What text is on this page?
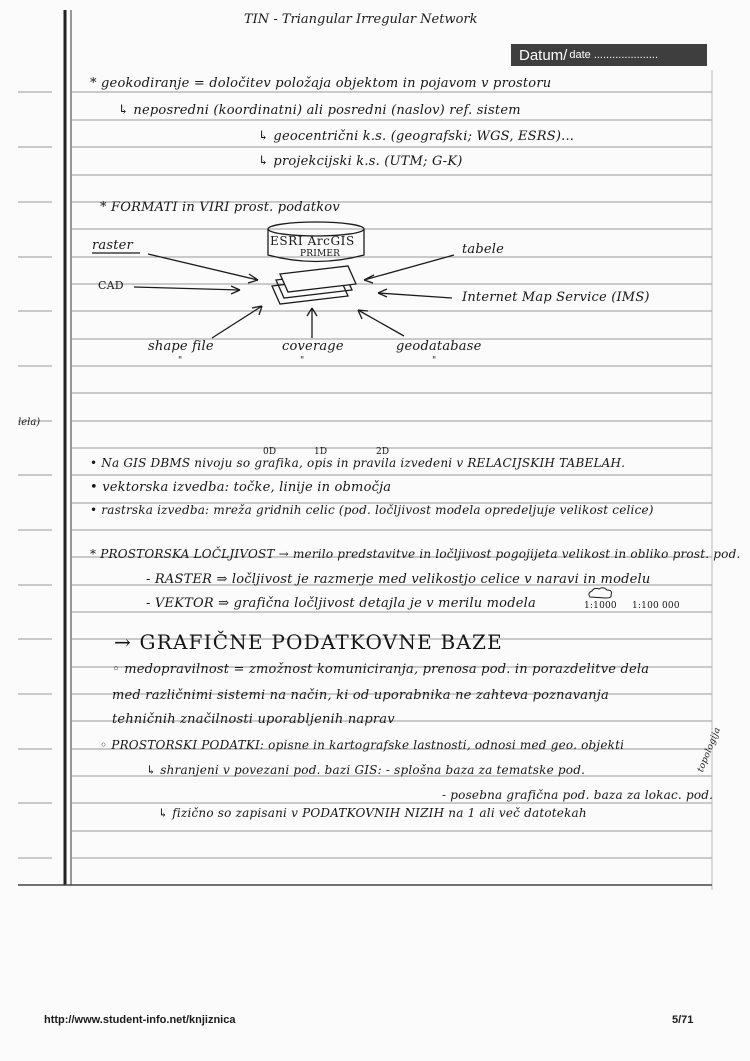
TIN - Triangular Irregular Network
Datum/ date .....................
* geokodiranje = določitev položaja objektom in pojavom v prostoru
↳ neposredni (koordinatni) ali posredni (naslov) ref. sistem
↳ geocentrični k.s. (geografski; WGS, ESRS)...
↳ projekcijski k.s. (UTM; G-K)
* FORMATI in VIRI prost. podatkov
ESRI ArcGIS
PRIMER
raster
CAD
tabele
Internet Map Service (IMS)
shape file	coverage	geodatabase
"	"	"
lela)
0D	1D	2D
• Na GIS DBMS nivoju so grafika, opis in pravila izvedeni v RELACIJSKIH TABELAH.
• vektorska izvedba: točke, linije in območja
• rastrska izvedba: mreža gridnih celic (pod. ločljivost modela opredeljuje velikost celice)
* PROSTORSKA LOČLJIVOST → merilo predstavitve in ločljivost pogojijeta velikost in obliko prost. pod.
- RASTER ⇒ ločljivost je razmerje med velikostjo celice v naravi in modelu
- VEKTOR ⇒ grafična ločljivost detajla je v merilu modela	1:1000 1:100 000
→ GRAFIČNE PODATKOVNE BAZE
◦ medopravilnost = zmožnost komuniciranja, prenosa pod. in porazdelitve dela
med različnimi sistemi na način, ki od uporabnika ne zahteva poznavanja
tehničnih značilnosti uporabljenih naprav
◦ PROSTORSKI PODATKI: opisne in kartografske lastnosti, odnosi med geo. objekti
↳ shranjeni v povezani pod. bazi GIS: - splošna baza za tematske pod.
- posebna grafična pod. baza za lokac. pod.
↳ fizično so zapisani v PODATKOVNIH NIZIH na 1 ali več datotekah
topologija
http://www.student-info.net/knjiznica	5/71
